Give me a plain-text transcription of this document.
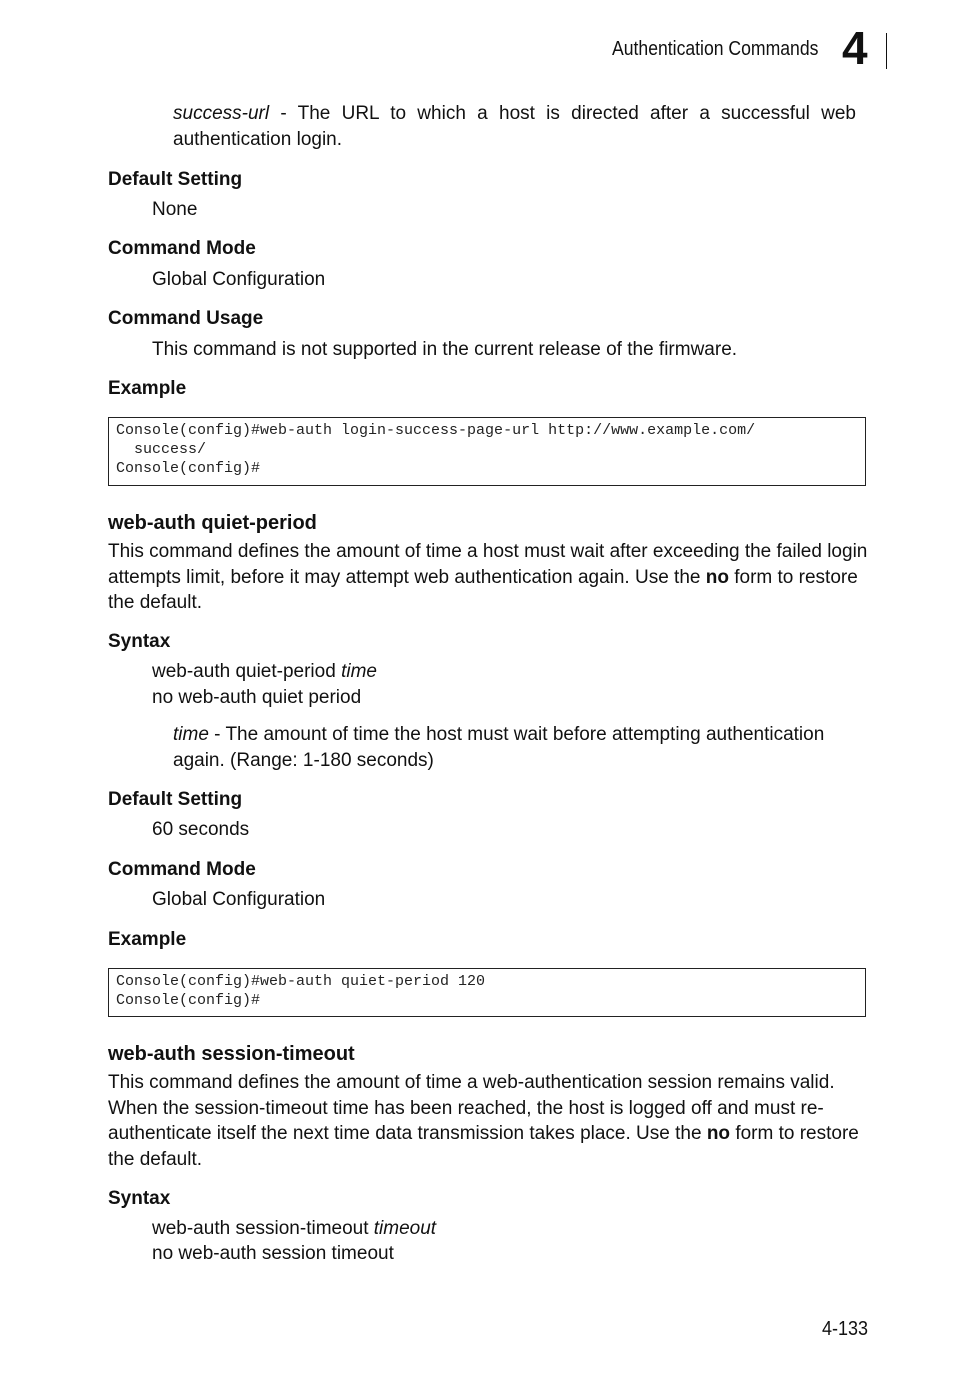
Authentication Commands 4
success-url - The URL to which a host is directed after a successful web authentication login.
Default Setting
None
Command Mode
Global Configuration
Command Usage
This command is not supported in the current release of the firmware.
Example
Console(config)#web-auth login-success-page-url http://www.example.com/
success/
Console(config)#
web-auth quiet-period
This command defines the amount of time a host must wait after exceeding the failed login attempts limit, before it may attempt web authentication again. Use the no form to restore the default.
Syntax
web-auth quiet-period time
no web-auth quiet period
time - The amount of time the host must wait before attempting authentication again. (Range: 1-180 seconds)
Default Setting
60 seconds
Command Mode
Global Configuration
Example
Console(config)#web-auth quiet-period 120
Console(config)#
web-auth session-timeout
This command defines the amount of time a web-authentication session remains valid. When the session-timeout time has been reached, the host is logged off and must re-authenticate itself the next time data transmission takes place. Use the no form to restore the default.
Syntax
web-auth session-timeout timeout
no web-auth session timeout
4-133
